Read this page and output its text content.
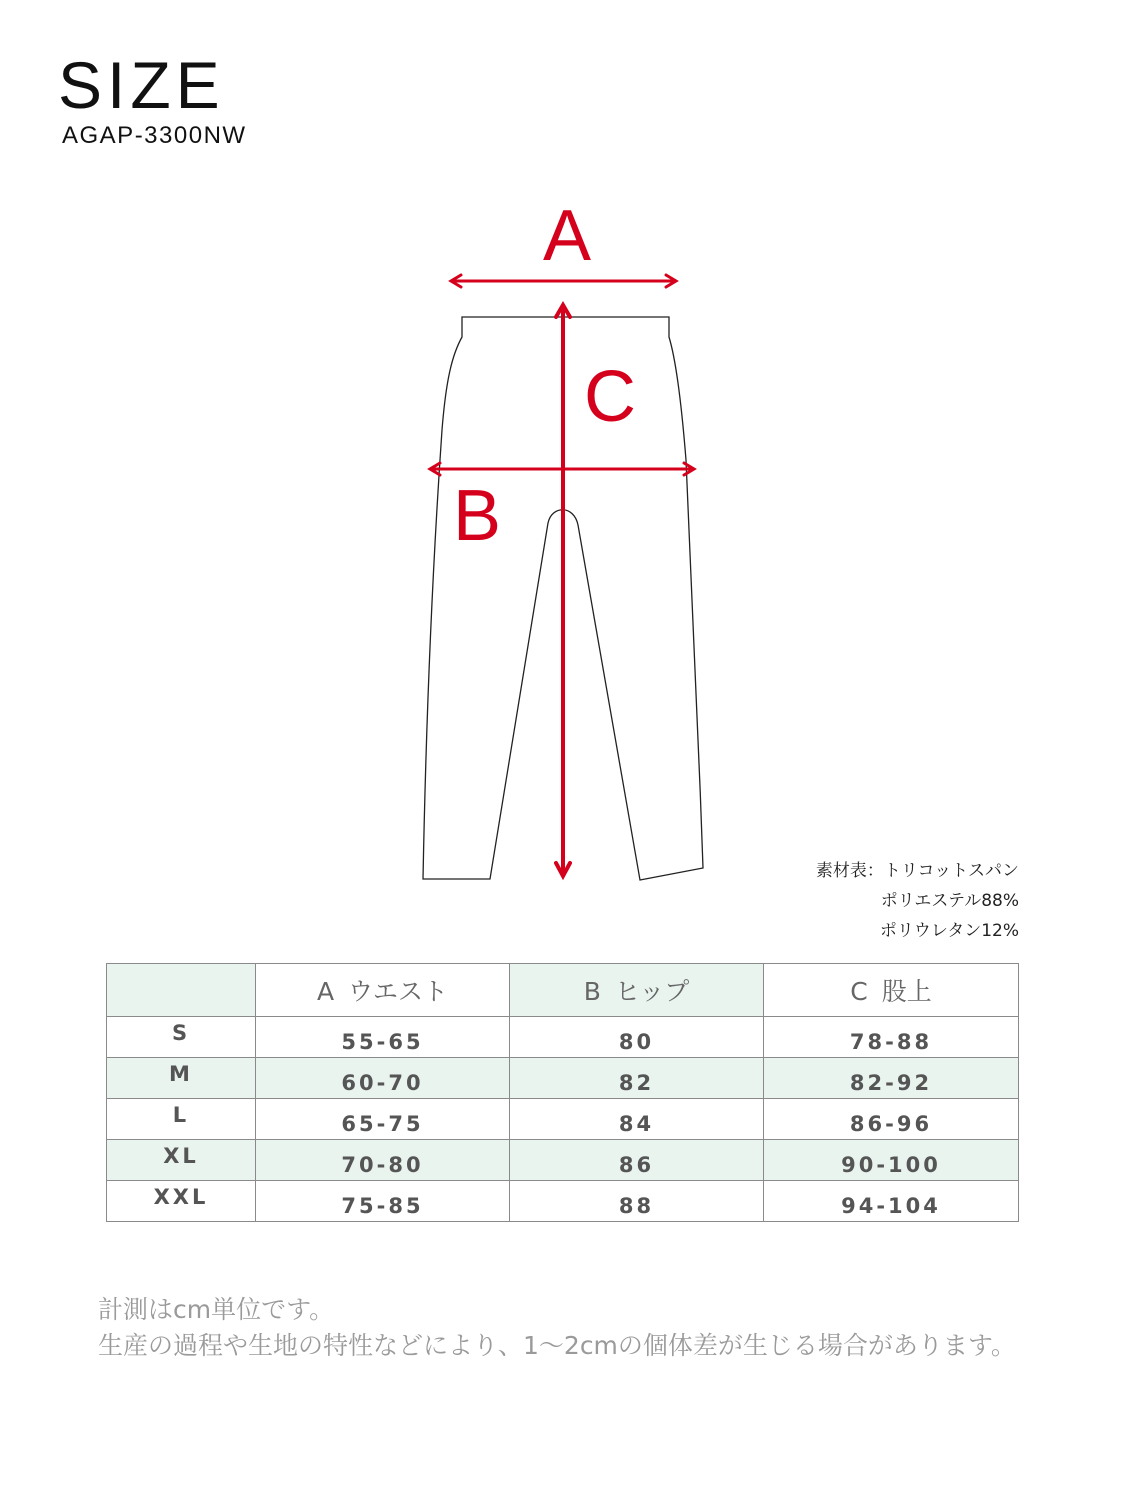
SIZE
AGAP-3300NW
A
C
B
素材表：トリコットスパン
ポリエステル88%
ポリウレタン12%
	A ウエスト	B ヒップ	C 股上
S	55-65	80	78-88
M	60-70	82	82-92
L	65-75	84	86-96
XL	70-80	86	90-100
XXL	75-85	88	94-104
計測はcm単位です。
生産の過程や生地の特性などにより、1〜2cmの個体差が生じる場合があります。
